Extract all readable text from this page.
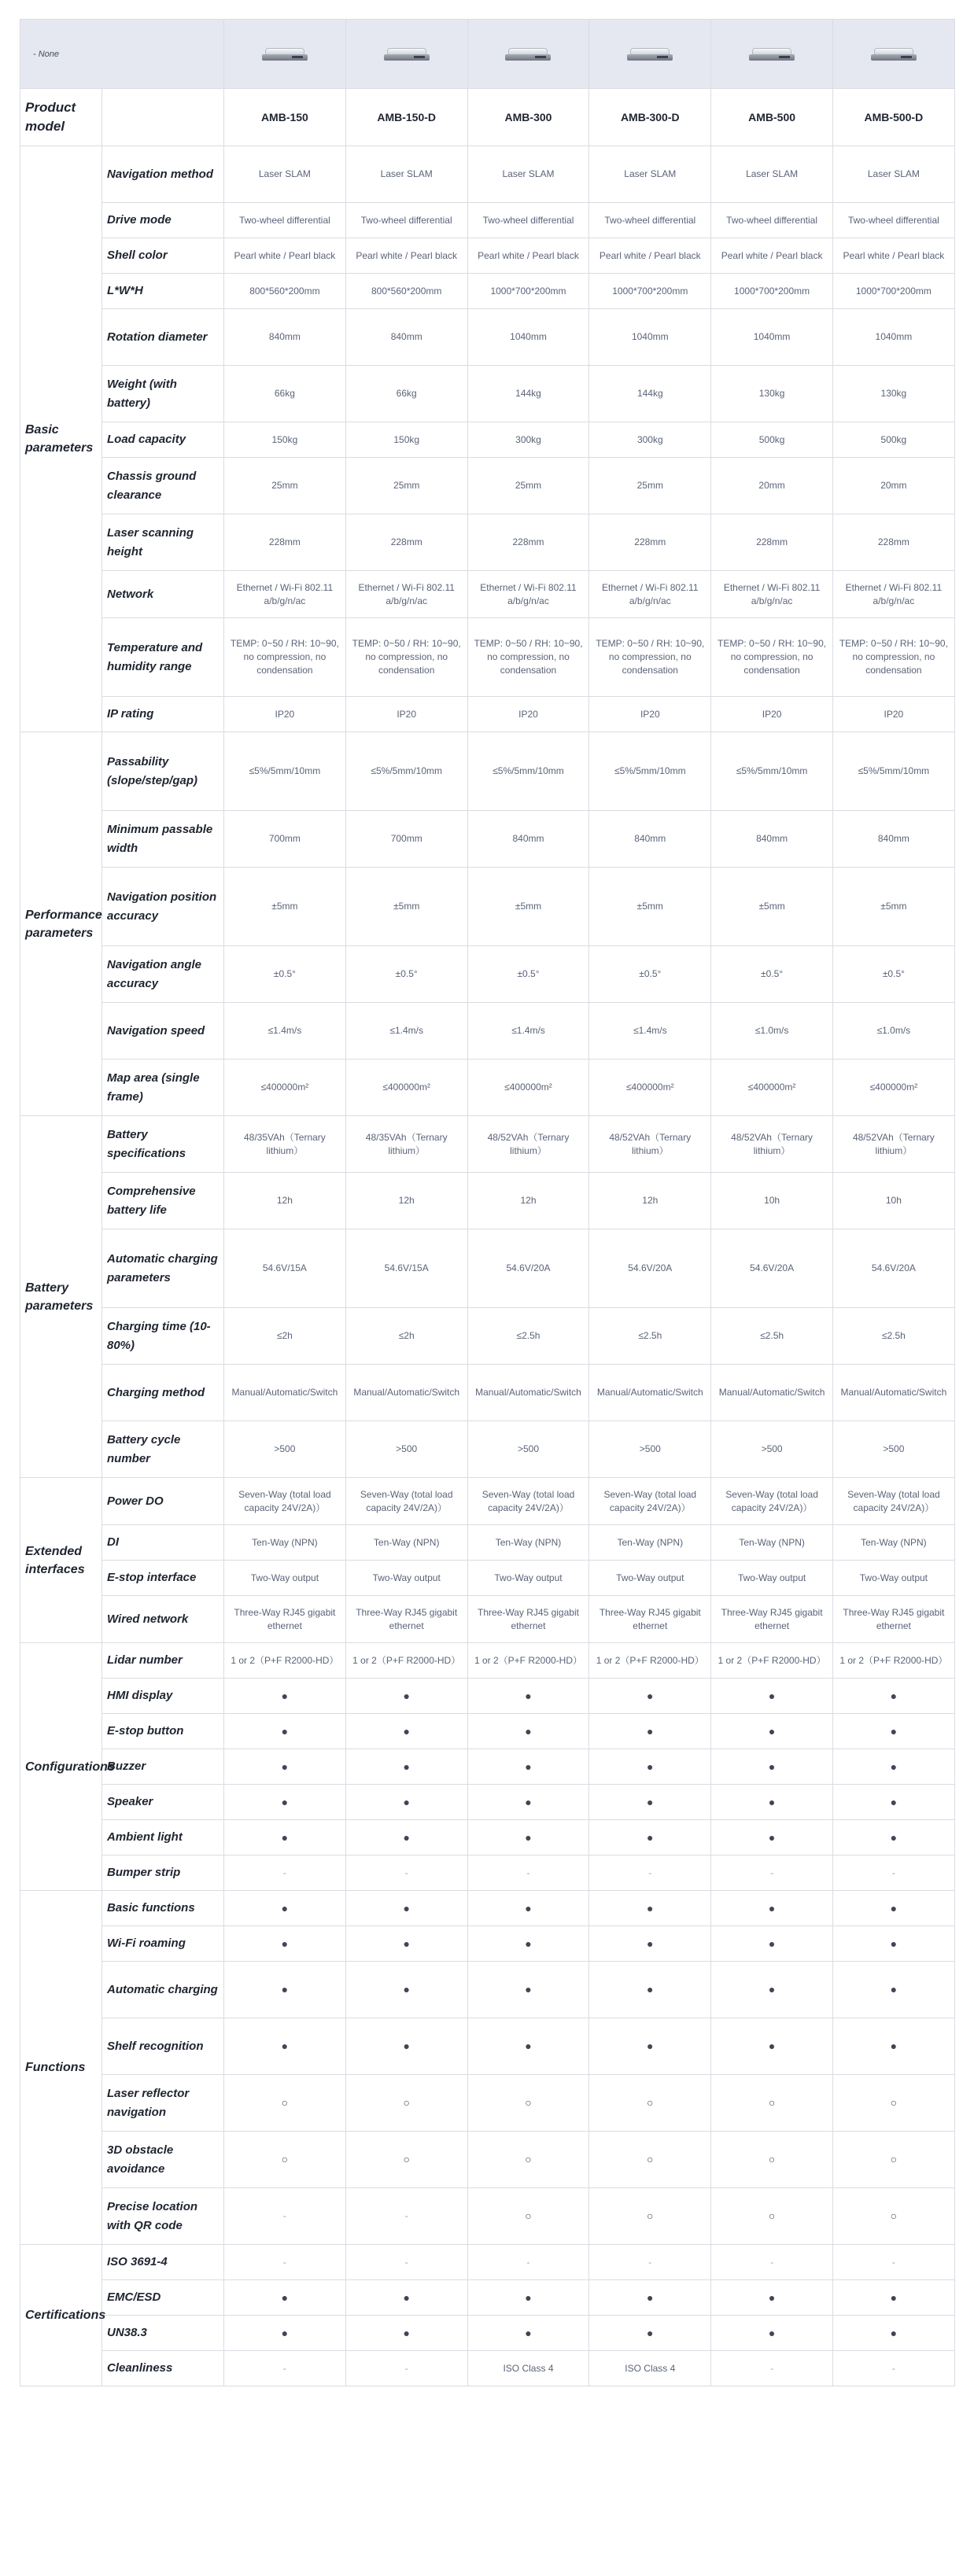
- None		

Product model		AMB-150	AMB-150-D	AMB-300	AMB-300-D	AMB-500	AMB-500-D
Basic parameters	Navigation method	Laser SLAM	Laser SLAM	Laser SLAM	Laser SLAM	Laser SLAM	Laser SLAM
	Drive mode	Two-wheel differential	Two-wheel differential	Two-wheel differential	Two-wheel differential	Two-wheel differential	Two-wheel differential
	Shell color	Pearl white / Pearl black	Pearl white / Pearl black	Pearl white / Pearl black	Pearl white / Pearl black	Pearl white / Pearl black	Pearl white / Pearl black
	L*W*H	800*560*200mm	800*560*200mm	1000*700*200mm	1000*700*200mm	1000*700*200mm	1000*700*200mm
	Rotation diameter	840mm	840mm	1040mm	1040mm	1040mm	1040mm
	Weight (with battery)	66kg	66kg	144kg	144kg	130kg	130kg
	Load capacity	150kg	150kg	300kg	300kg	500kg	500kg
	Chassis ground clearance	25mm	25mm	25mm	25mm	20mm	20mm
	Laser scanning height	228mm	228mm	228mm	228mm	228mm	228mm
	Network	Ethernet / Wi-Fi 802.11 a/b/g/n/ac	Ethernet / Wi-Fi 802.11 a/b/g/n/ac	Ethernet / Wi-Fi 802.11 a/b/g/n/ac	Ethernet / Wi-Fi 802.11 a/b/g/n/ac	Ethernet / Wi-Fi 802.11 a/b/g/n/ac	Ethernet / Wi-Fi 802.11 a/b/g/n/ac
	Temperature and humidity range	TEMP: 0~50 / RH: 10~90, no compression, no condensation	TEMP: 0~50 / RH: 10~90, no compression, no condensation	TEMP: 0~50 / RH: 10~90, no compression, no condensation	TEMP: 0~50 / RH: 10~90, no compression, no condensation	TEMP: 0~50 / RH: 10~90, no compression, no condensation	TEMP: 0~50 / RH: 10~90, no compression, no condensation
	IP rating	IP20	IP20	IP20	IP20	IP20	IP20
Performance parameters	Passability (slope/step/gap)	≤5%/5mm/10mm	≤5%/5mm/10mm	≤5%/5mm/10mm	≤5%/5mm/10mm	≤5%/5mm/10mm	≤5%/5mm/10mm
	Minimum passable width	700mm	700mm	840mm	840mm	840mm	840mm
	Navigation position accuracy	±5mm	±5mm	±5mm	±5mm	±5mm	±5mm
	Navigation angle accuracy	±0.5°	±0.5°	±0.5°	±0.5°	±0.5°	±0.5°
	Navigation speed	≤1.4m/s	≤1.4m/s	≤1.4m/s	≤1.4m/s	≤1.0m/s	≤1.0m/s
	Map area (single frame)	≤400000m²	≤400000m²	≤400000m²	≤400000m²	≤400000m²	≤400000m²
Battery parameters	Battery specifications	48/35VAh（Ternary lithium）	48/35VAh（Ternary lithium）	48/52VAh（Ternary lithium）	48/52VAh（Ternary lithium）	48/52VAh（Ternary lithium）	48/52VAh（Ternary lithium）
	Comprehensive battery life	12h	12h	12h	12h	10h	10h
	Automatic charging parameters	54.6V/15A	54.6V/15A	54.6V/20A	54.6V/20A	54.6V/20A	54.6V/20A
	Charging time (10-80%)	≤2h	≤2h	≤2.5h	≤2.5h	≤2.5h	≤2.5h
	Charging method	Manual/Automatic/Switch	Manual/Automatic/Switch	Manual/Automatic/Switch	Manual/Automatic/Switch	Manual/Automatic/Switch	Manual/Automatic/Switch
	Battery cycle number	>500	>500	>500	>500	>500	>500
Extended interfaces	Power DO	Seven-Way (total load capacity 24V/2A)）	Seven-Way (total load capacity 24V/2A)）	Seven-Way (total load capacity 24V/2A)）	Seven-Way (total load capacity 24V/2A)）	Seven-Way (total load capacity 24V/2A)）	Seven-Way (total load capacity 24V/2A)）
	DI	Ten-Way (NPN)	Ten-Way (NPN)	Ten-Way (NPN)	Ten-Way (NPN)	Ten-Way (NPN)	Ten-Way (NPN)
	E-stop interface	Two-Way output	Two-Way output	Two-Way output	Two-Way output	Two-Way output	Two-Way output
	Wired network	Three-Way RJ45 gigabit ethernet	Three-Way RJ45 gigabit ethernet	Three-Way RJ45 gigabit ethernet	Three-Way RJ45 gigabit ethernet	Three-Way RJ45 gigabit ethernet	Three-Way RJ45 gigabit ethernet
Configurations	Lidar number	1 or 2（P+F R2000-HD）	1 or 2（P+F R2000-HD）	1 or 2（P+F R2000-HD）	1 or 2（P+F R2000-HD）	1 or 2（P+F R2000-HD）	1 or 2（P+F R2000-HD）
	HMI display	●	●	●	●	●	●
	E-stop button	●	●	●	●	●	●
	Buzzer	●	●	●	●	●	●
	Speaker	●	●	●	●	●	●
	Ambient light	●	●	●	●	●	●
	Bumper strip	-	-	-	-	-	-
Functions	Basic functions	●	●	●	●	●	●
	Wi-Fi roaming	●	●	●	●	●	●
	Automatic charging	●	●	●	●	●	●
	Shelf recognition	●	●	●	●	●	●
	Laser reflector navigation	○	○	○	○	○	○
	3D obstacle avoidance	○	○	○	○	○	○
	Precise location with QR code	-	-	○	○	○	○
Certifications	ISO 3691-4	-	-	-	-	-	-
	EMC/ESD	●	●	●	●	●	●
	UN38.3	●	●	●	●	●	●
	Cleanliness	-	-	ISO Class 4	ISO Class 4	-	-
